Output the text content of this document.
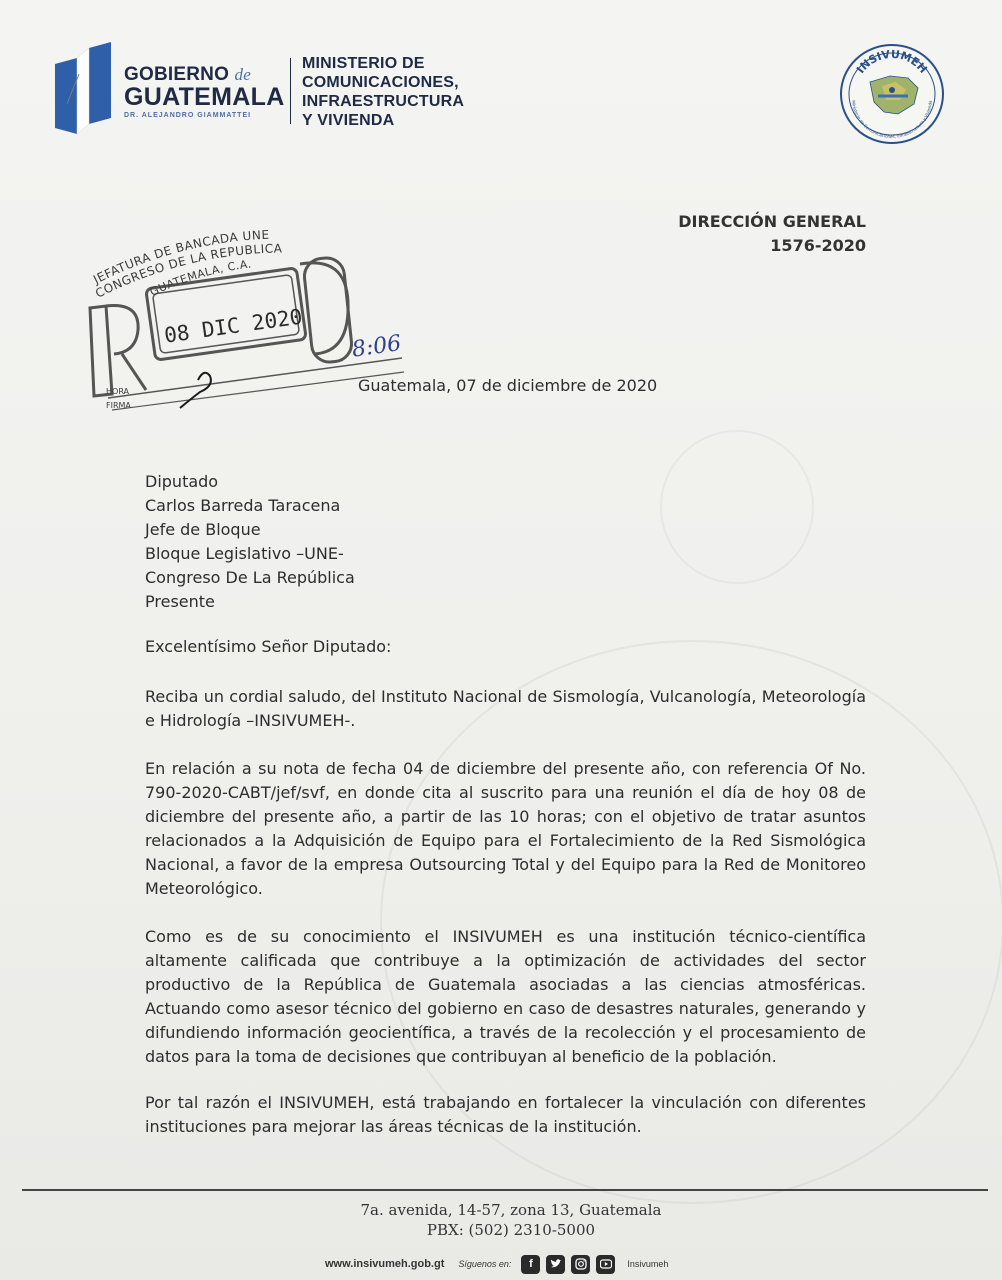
GOBIERNO de
GUATEMALA
DR. ALEJANDRO GIAMMATTEI
MINISTERIO DE
COMUNICACIONES,
INFRAESTRUCTURA
Y VIVIENDA
INSIVUMEH
Ministerio de Comunicaciones, Infraestructura y Vivienda
DIRECCIÓN GENERAL
1576-2020
JEFATURA DE BANCADA UNE
CONGRESO DE LA REPUBLICA
GUATEMALA, C.A.
08 DIC 2020
HORA
FIRMA
8:06
Guatemala, 07 de diciembre de 2020
Diputado
Carlos Barreda Taracena
Jefe de Bloque
Bloque Legislativo –UNE-
Congreso De La República
Presente
Excelentísimo Señor Diputado:
Reciba un cordial saludo, del Instituto Nacional de Sismología, Vulcanología, Meteorología e Hidrología –INSIVUMEH-.
En relación a su nota de fecha 04 de diciembre del presente año, con referencia Of No. 790-2020-CABT/jef/svf, en donde cita al suscrito para una reunión el día de hoy 08 de diciembre del presente año, a partir de las 10 horas; con el objetivo de tratar asuntos relacionados a la Adquisición de Equipo para el Fortalecimiento de la Red Sismológica Nacional, a favor de la empresa Outsourcing Total y del Equipo para la Red de Monitoreo Meteorológico.
Como es de su conocimiento el INSIVUMEH es una institución técnico-científica altamente calificada que contribuye a la optimización de actividades del sector productivo de la República de Guatemala asociadas a las ciencias atmosféricas. Actuando como asesor técnico del gobierno en caso de desastres naturales, generando y difundiendo información geocientífica, a través de la recolección y el procesamiento de datos para la toma de decisiones que contribuyan al beneficio de la población.
Por tal razón el INSIVUMEH, está trabajando en fortalecer la vinculación con diferentes instituciones para mejorar las áreas técnicas de la institución.
7a. avenida, 14-57, zona 13, Guatemala
PBX: (502) 2310-5000
www.insivumeh.gob.gt Síguenos en:	f	Insivumeh
